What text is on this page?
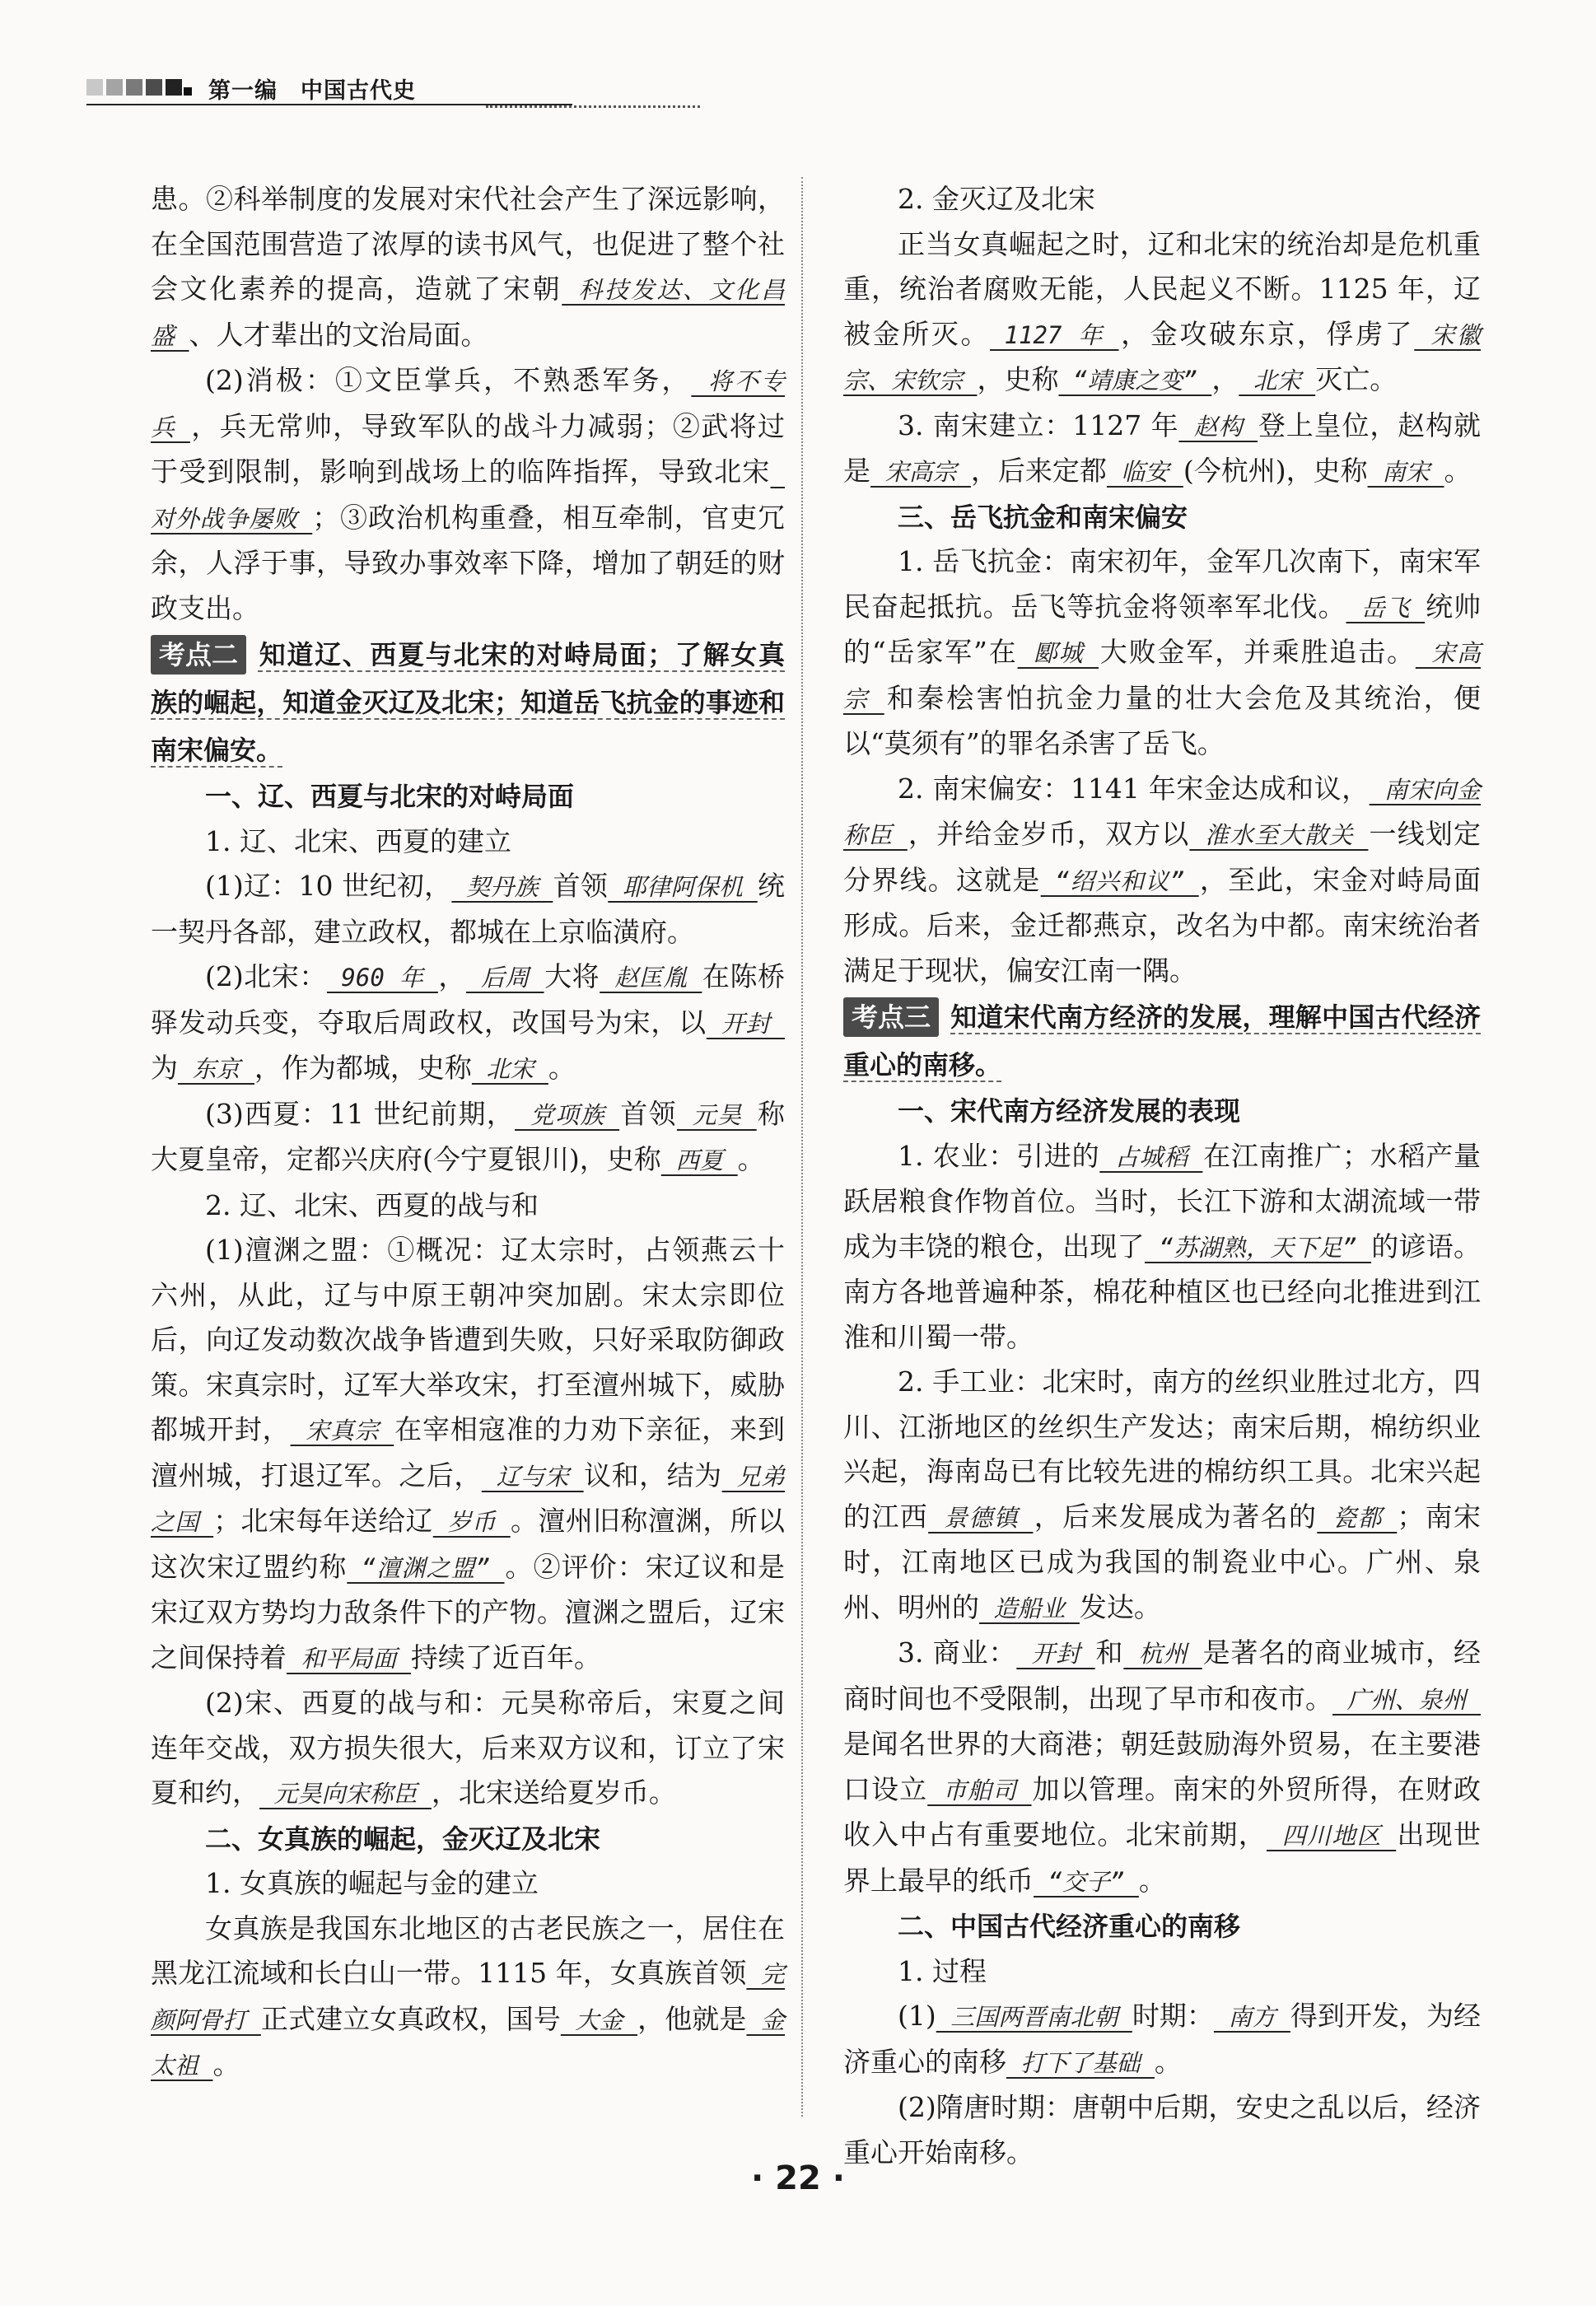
第一编　中国古代史

患。②科举制度的发展对宋代社会产生了深远影响，在全国范围营造了浓厚的读书风气，也促进了整个社会文化素养的提高，造就了宋朝 科技发达、文化昌盛 、人才辈出的文治局面。

(2)消极：①文臣掌兵，不熟悉军务， 将不专兵 ，兵无常帅，导致军队的战斗力减弱；②武将过于受到限制，影响到战场上的临阵指挥，导致北宋 对外战争屡败 ；③政治机构重叠，相互牵制，官吏冗余，人浮于事，导致办事效率下降，增加了朝廷的财政支出。

考点二 知道辽、西夏与北宋的对峙局面；了解女真族的崛起，知道金灭辽及北宋；知道岳飞抗金的事迹和南宋偏安。

一、辽、西夏与北宋的对峙局面

1. 辽、北宋、西夏的建立

(1)辽：10 世纪初， 契丹族 首领 耶律阿保机 统一契丹各部，建立政权，都城在上京临潢府。

(2)北宋： 960 年 ， 后周 大将 赵匡胤 在陈桥驿发动兵变，夺取后周政权，改国号为宋，以 开封 为 东京 ，作为都城，史称 北宋 。

(3)西夏：11 世纪前期， 党项族 首领 元昊 称大夏皇帝，定都兴庆府(今宁夏银川)，史称 西夏 。

2. 辽、北宋、西夏的战与和

(1)澶渊之盟：①概况：辽太宗时，占领燕云十六州，从此，辽与中原王朝冲突加剧。宋太宗即位后，向辽发动数次战争皆遭到失败，只好采取防御政策。宋真宗时，辽军大举攻宋，打至澶州城下，威胁都城开封， 宋真宗 在宰相寇准的力劝下亲征，来到澶州城，打退辽军。之后， 辽与宋 议和，结为 兄弟之国 ；北宋每年送给辽 岁币 。澶州旧称澶渊，所以这次宋辽盟约称 “澶渊之盟” 。②评价：宋辽议和是宋辽双方势均力敌条件下的产物。澶渊之盟后，辽宋之间保持着 和平局面 持续了近百年。

(2)宋、西夏的战与和：元昊称帝后，宋夏之间连年交战，双方损失很大，后来双方议和，订立了宋夏和约， 元昊向宋称臣 ，北宋送给夏岁币。

二、女真族的崛起，金灭辽及北宋

1. 女真族的崛起与金的建立

女真族是我国东北地区的古老民族之一，居住在黑龙江流域和长白山一带。1115 年，女真族首领 完颜阿骨打 正式建立女真政权，国号 大金 ，他就是 金太祖 。

2. 金灭辽及北宋

正当女真崛起之时，辽和北宋的统治却是危机重重，统治者腐败无能，人民起义不断。1125 年，辽被金所灭。 1127 年 ，金攻破东京，俘虏了 宋徽宗、宋钦宗 ，史称 “靖康之变” ， 北宋 灭亡。

3. 南宋建立：1127 年 赵构 登上皇位，赵构就是 宋高宗 ，后来定都 临安 (今杭州)，史称 南宋 。

三、岳飞抗金和南宋偏安

1. 岳飞抗金：南宋初年，金军几次南下，南宋军民奋起抵抗。岳飞等抗金将领率军北伐。 岳飞 统帅的“岳家军”在 郾城 大败金军，并乘胜追击。 宋高宗 和秦桧害怕抗金力量的壮大会危及其统治，便以“莫须有”的罪名杀害了岳飞。

2. 南宋偏安：1141 年宋金达成和议， 南宋向金称臣 ，并给金岁币，双方以 淮水至大散关 一线划定分界线。这就是 “绍兴和议” ，至此，宋金对峙局面形成。后来，金迁都燕京，改名为中都。南宋统治者满足于现状，偏安江南一隅。

考点三 知道宋代南方经济的发展，理解中国古代经济重心的南移。

一、宋代南方经济发展的表现

1. 农业：引进的 占城稻 在江南推广；水稻产量跃居粮食作物首位。当时，长江下游和太湖流域一带成为丰饶的粮仓，出现了 “苏湖熟，天下足” 的谚语。南方各地普遍种茶，棉花种植区也已经向北推进到江淮和川蜀一带。

2. 手工业：北宋时，南方的丝织业胜过北方，四川、江浙地区的丝织生产发达；南宋后期，棉纺织业兴起，海南岛已有比较先进的棉纺织工具。北宋兴起的江西 景德镇 ，后来发展成为著名的 瓷都 ；南宋时，江南地区已成为我国的制瓷业中心。广州、泉州、明州的 造船业 发达。

3. 商业： 开封 和 杭州 是著名的商业城市，经商时间也不受限制，出现了早市和夜市。 广州、泉州 是闻名世界的大商港；朝廷鼓励海外贸易，在主要港口设立 市舶司 加以管理。南宋的外贸所得，在财政收入中占有重要地位。北宋前期， 四川地区 出现世界上最早的纸币 “交子” 。

二、中国古代经济重心的南移

1. 过程

(1) 三国两晋南北朝 时期： 南方 得到开发，为经济重心的南移 打下了基础 。

(2)隋唐时期：唐朝中后期，安史之乱以后，经济重心开始南移。

· 22 ·
